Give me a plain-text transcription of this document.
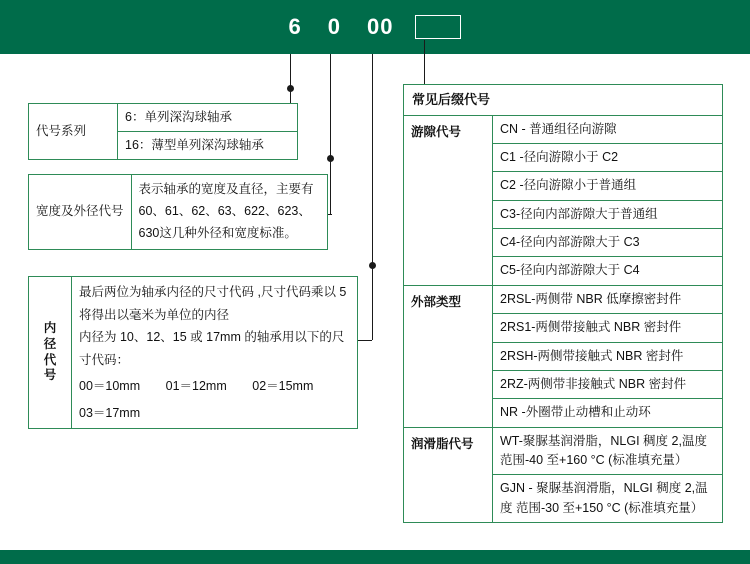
6 0 00
代号系列	6：单列深沟球轴承
16：薄型单列深沟球轴承
宽度及外径代号	表示轴承的宽度及直径，主要有60、61、62、63、622、623、630这几种外径和宽度标准。
内
径
代
号
	最后两位为轴承内径的尺寸代码 ,尺寸代码乘以 5 将得出以毫米为单位的内径
内径为 10、12、15 或 17mm 的轴承用以下的尺寸代码：
00＝10mm 01＝12mm 02＝15mm
03＝17mm
常见后缀代号	
游隙代号	CN - 普通组径向游隙
	C1 -径向游隙小于 C2
	C2 -径向游隙小于普通组
	C3-径向内部游隙大于普通组
	C4-径向内部游隙大于 C3
	C5-径向内部游隙大于 C4
外部类型	2RSL-两侧带 NBR 低摩擦密封件
	2RS1-两侧带接触式 NBR 密封件
	2RSH-两侧带接触式 NBR 密封件
	2RZ-两侧带非接触式 NBR 密封件
	NR -外圈带止动槽和止动环
润滑脂代号	WT-聚脲基润滑脂，NLGI 稠度 2,温度范围-40 至+160 °C (标准填充量）
	GJN - 聚脲基润滑脂，NLGI 稠度 2,温度 范围-30 至+150 °C (标准填充量）
